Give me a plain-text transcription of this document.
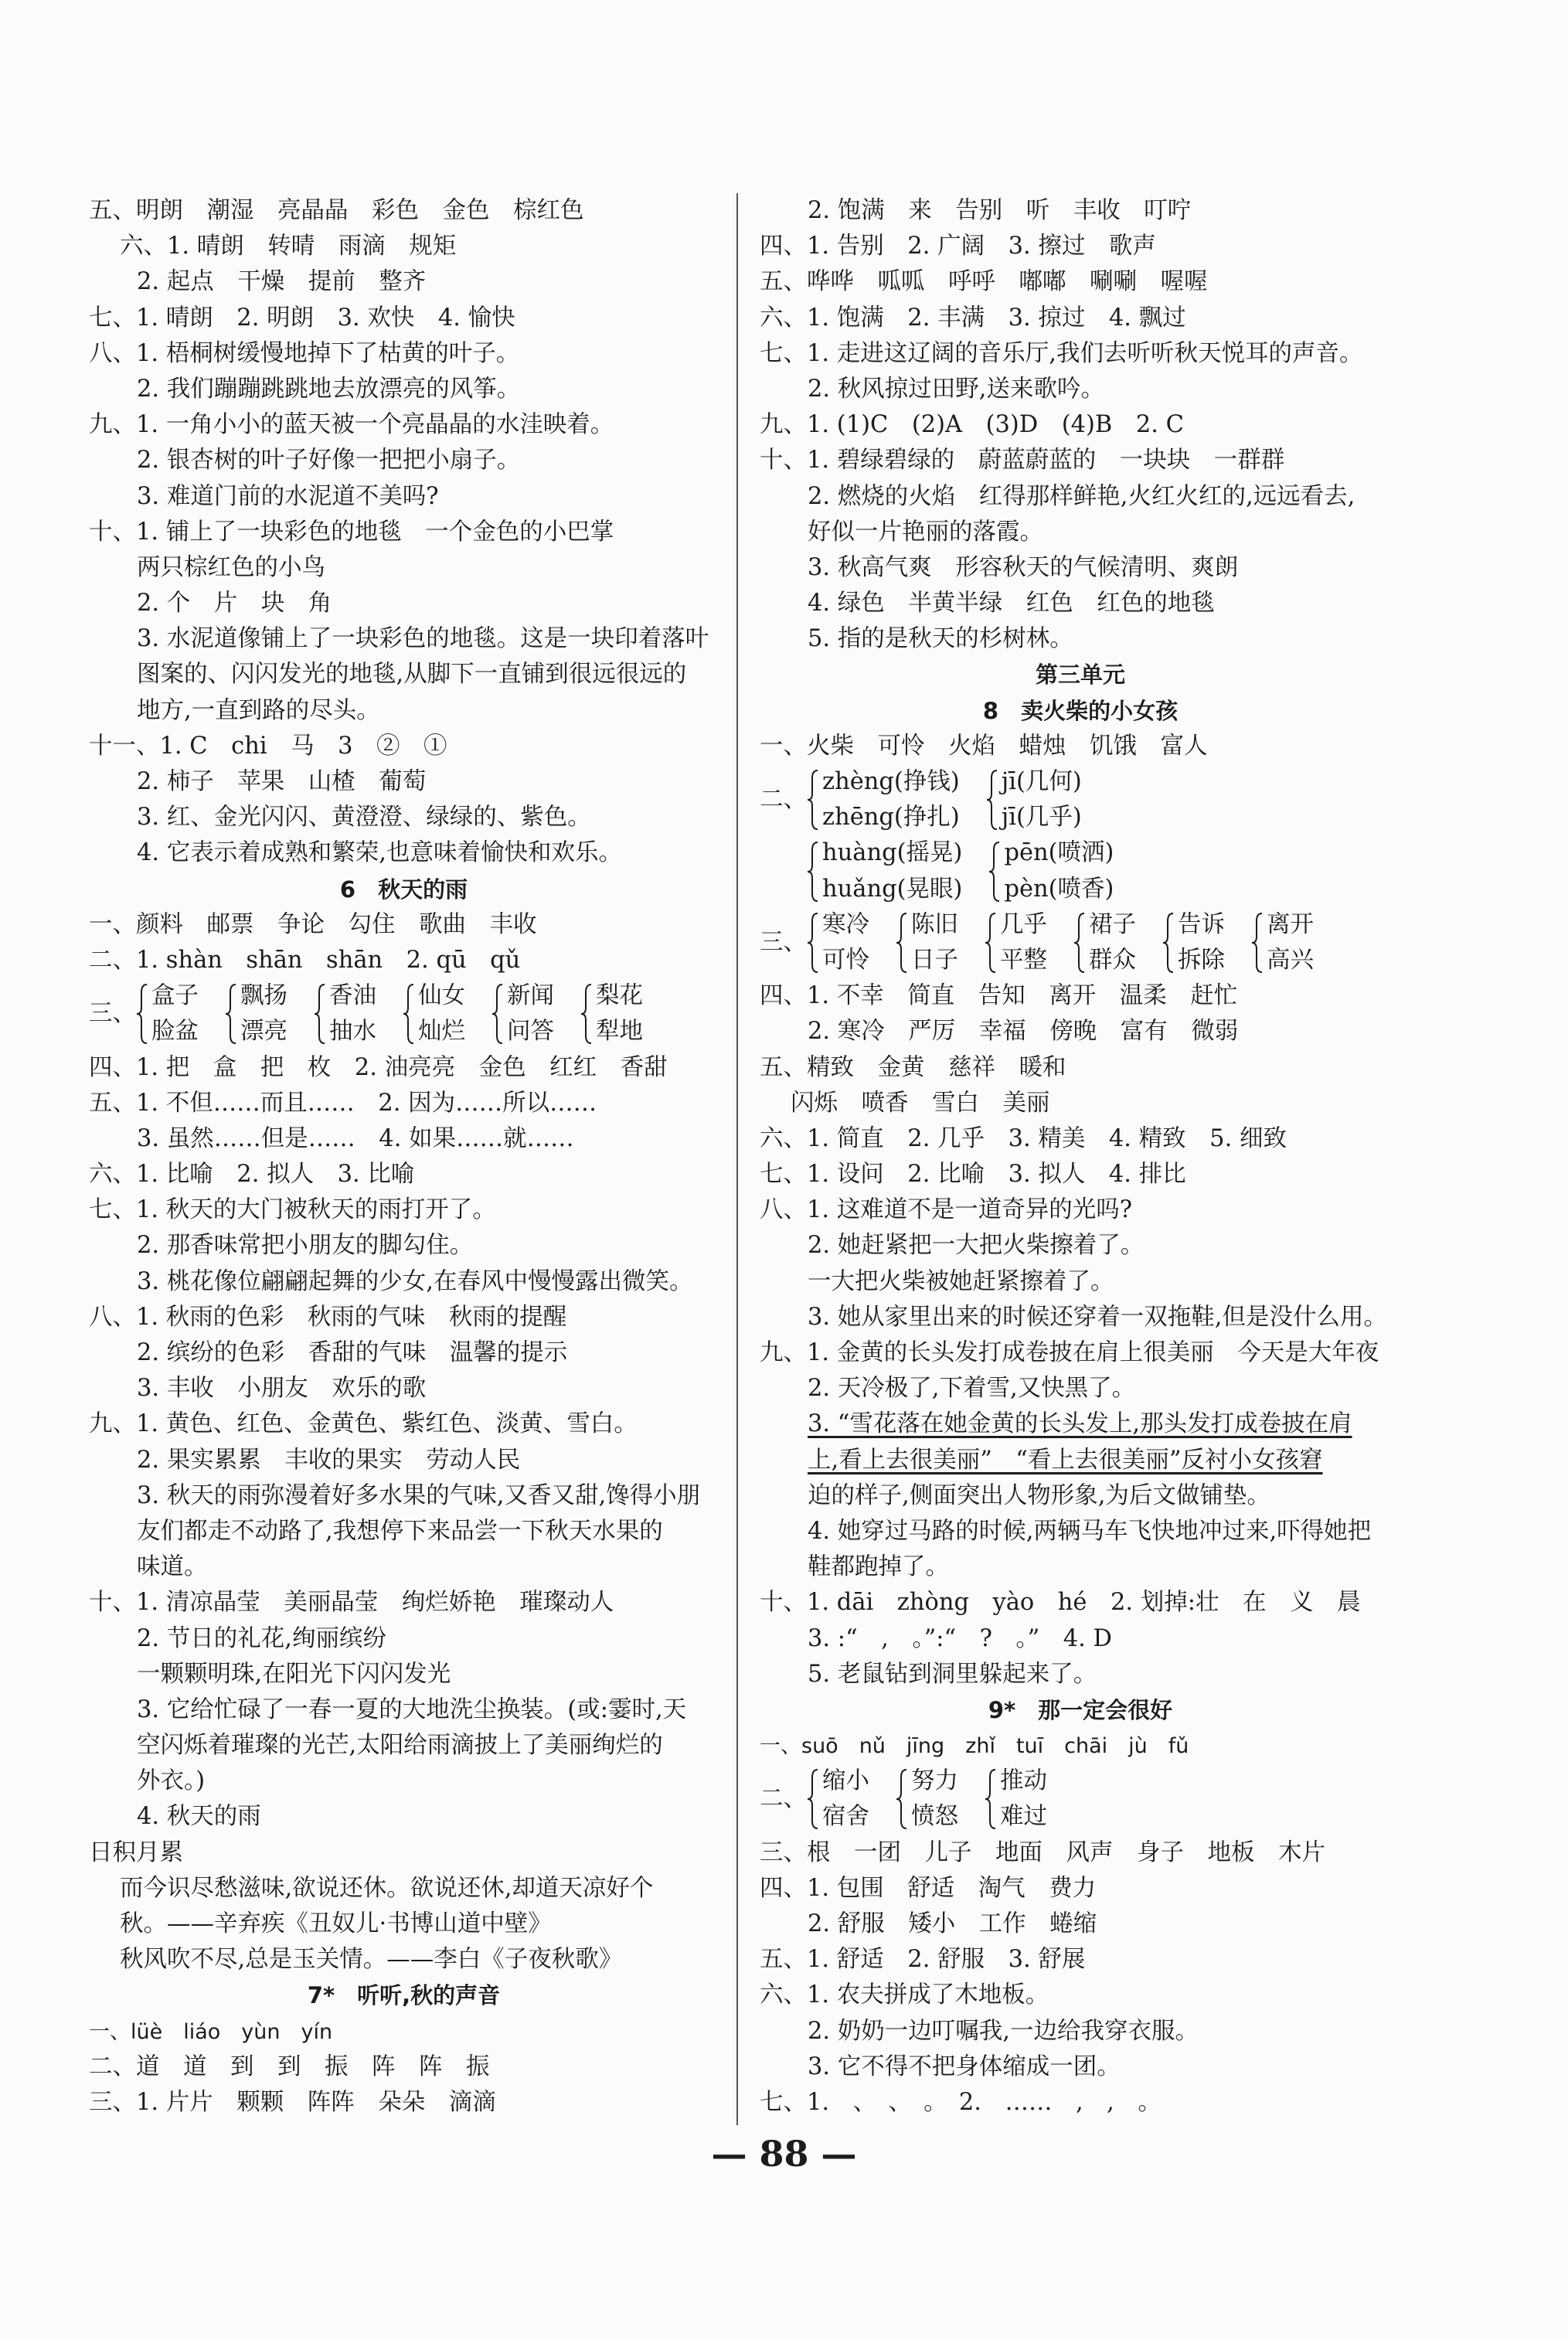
五、明朗　潮湿　亮晶晶　彩色　金色　棕红色
六、1. 晴朗　转晴　雨滴　规矩
2. 起点　干燥　提前　整齐
七、1. 晴朗　2. 明朗　3. 欢快　4. 愉快
八、1. 梧桐树缓慢地掉下了枯黄的叶子。
2. 我们蹦蹦跳跳地去放漂亮的风筝。
九、1. 一角小小的蓝天被一个亮晶晶的水洼映着。
2. 银杏树的叶子好像一把把小扇子。
3. 难道门前的水泥道不美吗?
十、1. 铺上了一块彩色的地毯　一个金色的小巴掌
两只棕红色的小鸟
2. 个　片　块　角
3. 水泥道像铺上了一块彩色的地毯。这是一块印着落叶
图案的、闪闪发光的地毯,从脚下一直铺到很远很远的
地方,一直到路的尽头。
十一、1. C　chi　马　3　②　①
2. 柿子　苹果　山楂　葡萄
3. 红、金光闪闪、黄澄澄、绿绿的、紫色。
4. 它表示着成熟和繁荣,也意味着愉快和欢乐。
6　秋天的雨
一、颜料　邮票　争论　勾住　歌曲　丰收
二、1. shàn　shān　shān　2. qū　qǔ
三、
盒子
脸盆
飘扬
漂亮
香油
抽水
仙女
灿烂
新闻
问答
梨花
犁地
四、1. 把　盒　把　枚　2. 油亮亮　金色　红红　香甜
五、1. 不但……而且……　2. 因为……所以……
3. 虽然……但是……　4. 如果……就……
六、1. 比喻　2. 拟人　3. 比喻
七、1. 秋天的大门被秋天的雨打开了。
2. 那香味常把小朋友的脚勾住。
3. 桃花像位翩翩起舞的少女,在春风中慢慢露出微笑。
八、1. 秋雨的色彩　秋雨的气味　秋雨的提醒
2. 缤纷的色彩　香甜的气味　温馨的提示
3. 丰收　小朋友　欢乐的歌
九、1. 黄色、红色、金黄色、紫红色、淡黄、雪白。
2. 果实累累　丰收的果实　劳动人民
3. 秋天的雨弥漫着好多水果的气味,又香又甜,馋得小朋
友们都走不动路了,我想停下来品尝一下秋天水果的
味道。
十、1. 清凉晶莹　美丽晶莹　绚烂娇艳　璀璨动人
2. 节日的礼花,绚丽缤纷
一颗颗明珠,在阳光下闪闪发光
3. 它给忙碌了一春一夏的大地洗尘换装。(或:霎时,天
空闪烁着璀璨的光芒,太阳给雨滴披上了美丽绚烂的
外衣。)
4. 秋天的雨
日积月累
而今识尽愁滋味,欲说还休。欲说还休,却道天凉好个
秋。——辛弃疾《丑奴儿·书博山道中壁》
秋风吹不尽,总是玉关情。——李白《子夜秋歌》
7*　听听,秋的声音
一、lüè　liáo　yùn　yín
二、道　道　到　到　振　阵　阵　振
三、1. 片片　颗颗　阵阵　朵朵　滴滴
2. 饱满　来　告别　听　丰收　叮咛
四、1. 告别　2. 广阔　3. 擦过　歌声
五、哗哗　呱呱　呼呼　嘟嘟　唰唰　喔喔
六、1. 饱满　2. 丰满　3. 掠过　4. 飘过
七、1. 走进这辽阔的音乐厅,我们去听听秋天悦耳的声音。
2. 秋风掠过田野,送来歌吟。
九、1. (1)C　(2)A　(3)D　(4)B　2. C
十、1. 碧绿碧绿的　蔚蓝蔚蓝的　一块块　一群群
2. 燃烧的火焰　红得那样鲜艳,火红火红的,远远看去,
好似一片艳丽的落霞。
3. 秋高气爽　形容秋天的气候清明、爽朗
4. 绿色　半黄半绿　红色　红色的地毯
5. 指的是秋天的杉树林。
第三单元
8　卖火柴的小女孩
一、火柴　可怜　火焰　蜡烛　饥饿　富人
二、
zhèng(挣钱)
zhēng(挣扎)
jī(几何)
jī(几乎)

huàng(摇晃)
huǎng(晃眼)
pēn(喷洒)
pèn(喷香)
三、
寒冷
可怜
陈旧
日子
几乎
平整
裙子
群众
告诉
拆除
离开
高兴
四、1. 不幸　简直　告知　离开　温柔　赶忙
2. 寒冷　严厉　幸福　傍晚　富有　微弱
五、精致　金黄　慈祥　暖和
闪烁　喷香　雪白　美丽
六、1. 简直　2. 几乎　3. 精美　4. 精致　5. 细致
七、1. 设问　2. 比喻　3. 拟人　4. 排比
八、1. 这难道不是一道奇异的光吗?
2. 她赶紧把一大把火柴擦着了。
一大把火柴被她赶紧擦着了。
3. 她从家里出来的时候还穿着一双拖鞋,但是没什么用。
九、1. 金黄的长头发打成卷披在肩上很美丽　今天是大年夜
2. 天冷极了,下着雪,又快黑了。
3. “雪花落在她金黄的长头发上,那头发打成卷披在肩
上,看上去很美丽”　“看上去很美丽”反衬小女孩窘
迫的样子,侧面突出人物形象,为后文做铺垫。
4. 她穿过马路的时候,两辆马车飞快地冲过来,吓得她把
鞋都跑掉了。
十、1. dāi　zhòng　yào　hé　2. 划掉:壮　在　义　晨
3. :“　,　。”:“　?　。”　4. D
5. 老鼠钻到洞里躲起来了。
9*　那一定会很好
一、suō　nǔ　jīng　zhǐ　tuī　chāi　jù　fǔ
二、
缩小
宿舍
努力
愤怒
推动
难过
三、根　一团　儿子　地面　风声　身子　地板　木片
四、1. 包围　舒适　淘气　费力
2. 舒服　矮小　工作　蜷缩
五、1. 舒适　2. 舒服　3. 舒展
六、1. 农夫拼成了木地板。
2. 奶奶一边叮嘱我,一边给我穿衣服。
3. 它不得不把身体缩成一团。
七、1.　、　、　。　2.　……　,　,　。
— 88 —
